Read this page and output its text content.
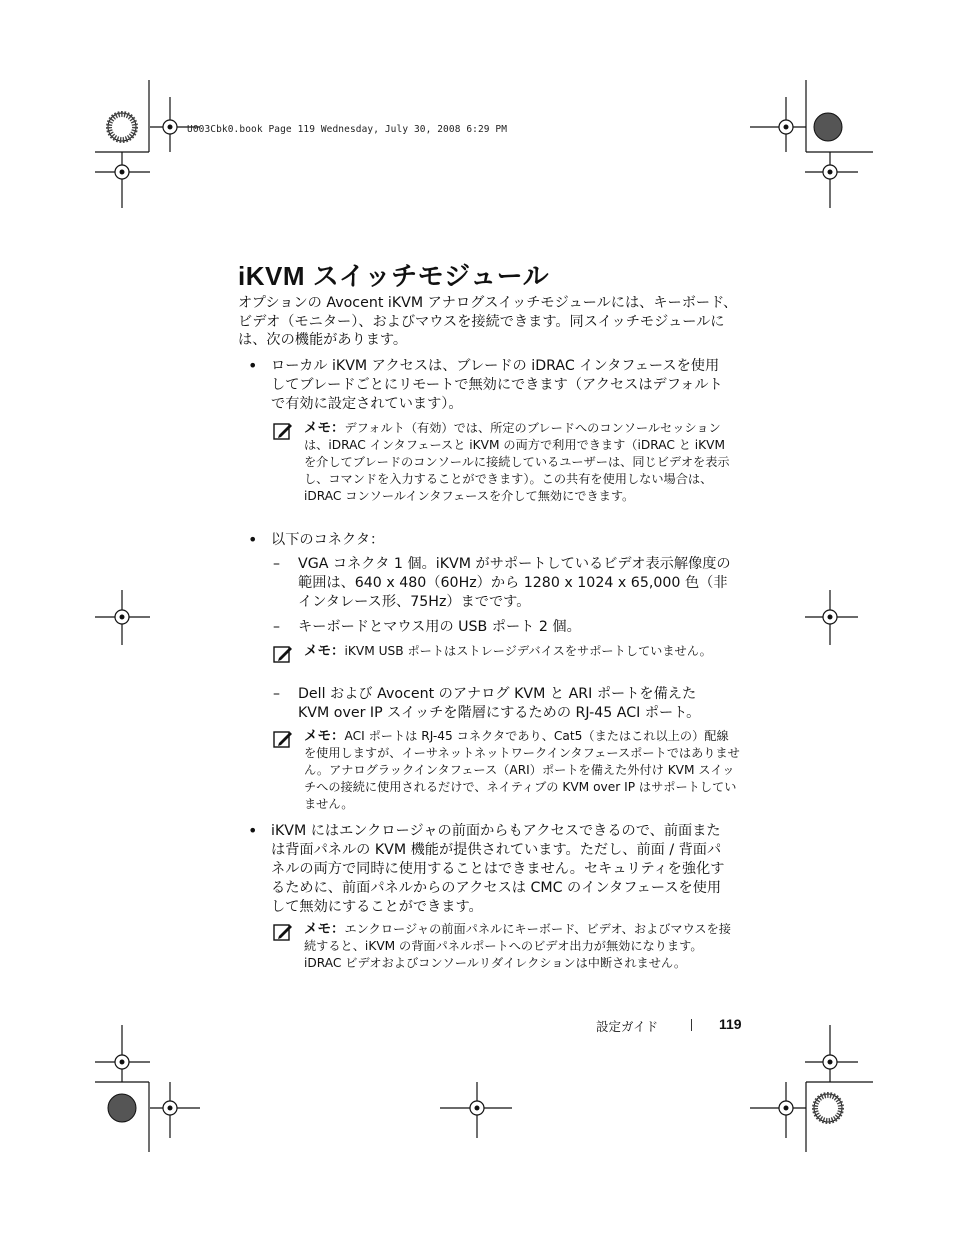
U003Cbk0.book Page 119 Wednesday, July 30, 2008 6:29 PM
iKVM スイッチモジュール

オプションの Avocent iKVM アナログスイッチモジュールには、キーボード、ビデオ（モニター）、およびマウスを接続できます。同スイッチモジュールには、次の機能があります。

• ローカル iKVM アクセスは、ブレードの iDRAC インタフェースを使用してブレードごとにリモートで無効にできます（アクセスはデフォルトで有効に設定されています）。

メモ：デフォルト（有効）では、所定のブレードへのコンソールセッションは、iDRAC インタフェースと iKVM の両方で利用できます（iDRAC と iKVM を介してブレードのコンソールに接続しているユーザーは、同じビデオを表示し、コマンドを入力することができます）。この共有を使用しない場合は、iDRAC コンソールインタフェースを介して無効にできます。

• 以下のコネクタ：

– VGA コネクタ 1 個。iKVM がサポートしているビデオ表示解像度の範囲は、640 x 480（60Hz）から 1280 x 1024 x 65,000 色（非インタレース形、75Hz）までです。

– キーボードとマウス用の USB ポート 2 個。

メモ：iKVM USB ポートはストレージデバイスをサポートしていません。

– Dell および Avocent のアナログ KVM と ARI ポートを備えた KVM over IP スイッチを階層にするための RJ-45 ACI ポート。

メモ：ACI ポートは RJ-45 コネクタであり、Cat5（またはこれ以上の）配線を使用しますが、イーサネットネットワークインタフェースポートではありません。アナログラックインタフェース（ARI）ポートを備えた外付け KVM スイッチへの接続に使用されるだけで、ネイティブの KVM over IP はサポートしていません。

• iKVM にはエンクロージャの前面からもアクセスできるので、前面または背面パネルの KVM 機能が提供されています。ただし、前面 / 背面パネルの両方で同時に使用することはできません。セキュリティを強化するために、前面パネルからのアクセスは CMC のインタフェースを使用して無効にすることができます。

メモ：エンクロージャの前面パネルにキーボード、ビデオ、およびマウスを接続すると、iKVM の背面パネルポートへのビデオ出力が無効になります。iDRAC ビデオおよびコンソールリダイレクションは中断されません。

設定ガイド	119
